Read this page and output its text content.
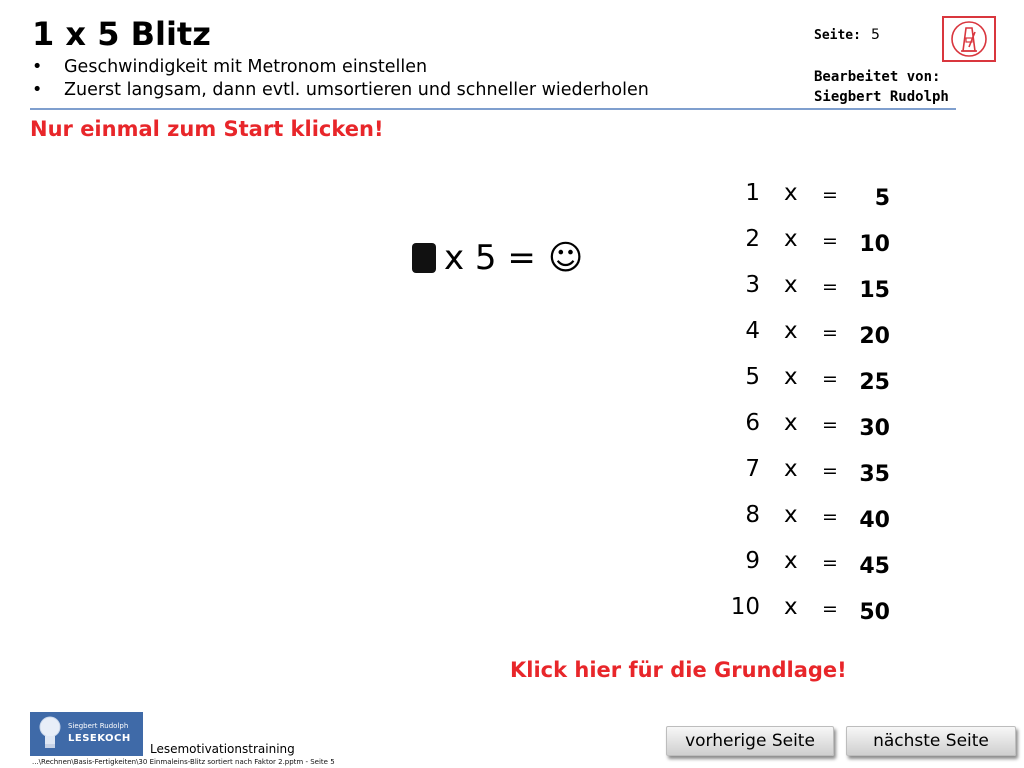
1 x 5 Blitz
• Geschwindigkeit mit Metronom einstellen
• Zuerst langsam, dann evtl. umsortieren und schneller wiederholen
Seite: 5
Bearbeitet von:
Siegbert Rudolph
Nur einmal zum Start klicken!
x 5 = ☺
1 x = 5
2 x = 10
3 x = 15
4 x = 20
5 x = 25
6 x = 30
7 x = 35
8 x = 40
9 x = 45
10 x = 50
Klick hier für die Grundlage!
Siegbert Rudolph
LESEKOCH
Lesemotivationstraining
...\Rechnen\Basis-Fertigkeiten\30 Einmaleins-Blitz sortiert nach Faktor 2.pptm - Seite 5
vorherige Seite	nächste Seite
